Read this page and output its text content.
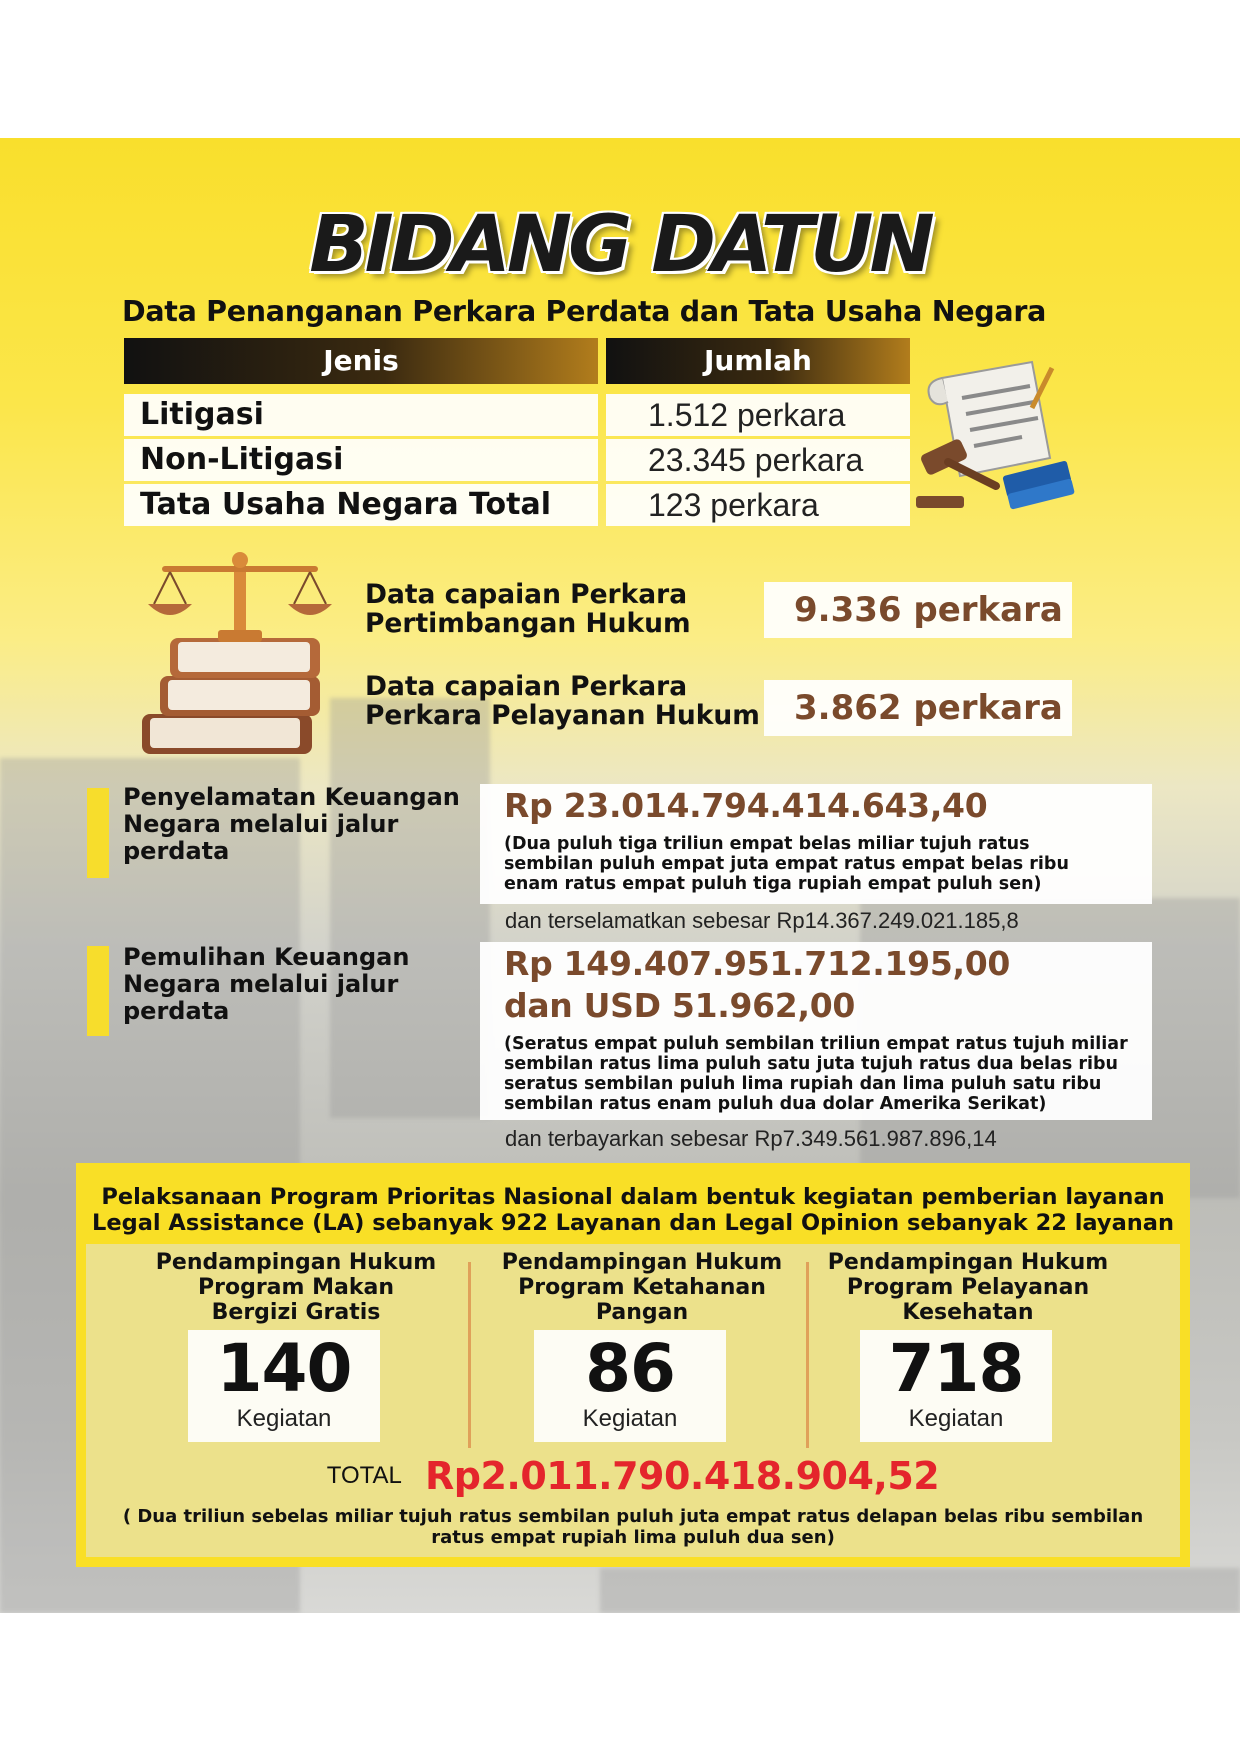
BIDANG DATUN
Data Penanganan Perkara Perdata dan Tata Usaha Negara
Jenis	Jumlah
Litigasi	1.512 perkara
Non-Litigasi	23.345 perkara
Tata Usaha Negara Total	123 perkara
Data capaian Perkara
Pertimbangan Hukum	9.336 perkara
Data capaian Perkara
Perkara Pelayanan Hukum	3.862 perkara
Penyelamatan Keuangan
Negara melalui jalur
perdata
Rp 23.014.794.414.643,40
(Dua puluh tiga triliun empat belas miliar tujuh ratus
sembilan puluh empat juta empat ratus empat belas ribu
enam ratus empat puluh tiga rupiah empat puluh sen)
dan terselamatkan sebesar Rp14.367.249.021.185,8
Pemulihan Keuangan
Negara melalui jalur
perdata
Rp 149.407.951.712.195,00
dan USD 51.962,00
(Seratus empat puluh sembilan triliun empat ratus tujuh miliar
sembilan ratus lima puluh satu juta tujuh ratus dua belas ribu
seratus sembilan puluh lima rupiah dan lima puluh satu ribu
sembilan ratus enam puluh dua dolar Amerika Serikat)
dan terbayarkan sebesar Rp7.349.561.987.896,14
Pelaksanaan Program Prioritas Nasional dalam bentuk kegiatan pemberian layanan
Legal Assistance (LA) sebanyak 922 Layanan dan Legal Opinion sebanyak 22 layanan
Pendampingan Hukum
Program Makan
Bergizi Gratis
140
Kegiatan
Pendampingan Hukum
Program Ketahanan
Pangan
86
Kegiatan
Pendampingan Hukum
Program Pelayanan
Kesehatan
718
Kegiatan
TOTAL Rp2.011.790.418.904,52
( Dua triliun sebelas miliar tujuh ratus sembilan puluh juta empat ratus delapan belas ribu sembilan
ratus empat rupiah lima puluh dua sen)
